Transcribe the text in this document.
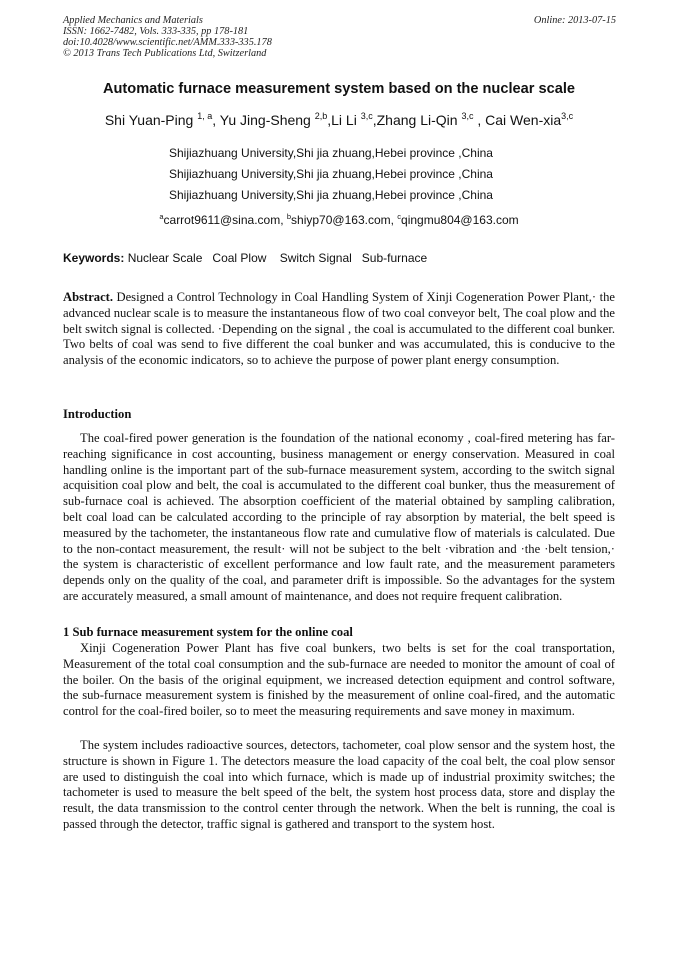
Applied Mechanics and Materials
ISSN: 1662-7482, Vols. 333-335, pp 178-181
doi:10.4028/www.scientific.net/AMM.333-335.178
© 2013 Trans Tech Publications Ltd, Switzerland
Online: 2013-07-15
Automatic furnace measurement system based on the nuclear scale
Shi Yuan-Ping $^{1, a}$, Yu Jing-Sheng $^{2,b}$,Li Li $^{3,c}$,Zhang Li-Qin $^{3,c}$ , Cai Wen-xia$^{3,c}$
Shijiazhuang University,Shi jia zhuang,Hebei province ,China
Shijiazhuang University,Shi jia zhuang,Hebei province ,China
Shijiazhuang University,Shi jia zhuang,Hebei province ,China
$^a$carrot9611@sina.com, $^b$shiyp70@163.com, $^c$qingmu804@163.com
Keywords: Nuclear Scale   Coal Plow    Switch Signal   Sub-furnace

Abstract. Designed a Control Technology in Coal Handling System of Xinji Cogeneration Power Plant,· the advanced nuclear scale is to measure the instantaneous flow of two coal conveyor belt, The coal plow and the belt switch signal is collected. ·Depending on the signal , the coal is accumulated to the different coal bunker. Two belts of coal was send to five different the coal bunker and was accumulated, this is conducive to the analysis of the economic indicators, so to achieve the purpose of power plant energy consumption.

Introduction

The coal-fired power generation is the foundation of the national economy , coal-fired metering has far-reaching significance in cost accounting, business management or energy conservation. Measured in coal handling online is the important part of the sub-furnace measurement system, according to the switch signal acquisition coal plow and belt, the coal is accumulated to the different coal bunker, thus the measurement of sub-furnace coal is achieved. The absorption coefficient of the material obtained by sampling calibration, belt coal load can be calculated according to the principle of ray absorption by material, the belt speed is measured by the tachometer, the instantaneous flow rate and cumulative flow of materials is calculated. Due to the non-contact measurement, the result· will not be subject to the belt ·vibration and ·the ·belt tension,· the system is characteristic of excellent performance and low fault rate, and the measurement parameters depends only on the quality of the coal, and parameter drift is impossible. So the advantages for the system are accurately measured, a small amount of maintenance, and does not require frequent calibration.

1 Sub furnace measurement system for the online coal

Xinji Cogeneration Power Plant has five coal bunkers, two belts is set for the coal transportation, Measurement of the total coal consumption and the sub-furnace are needed to monitor the amount of coal of the boiler. On the basis of the original equipment, we increased detection equipment and control software, the sub-furnace measurement system is finished by the measurement of online coal-fired, and the automatic control for the coal-fired boiler, so to meet the measuring requirements and save money in maximum.

The system includes radioactive sources, detectors, tachometer, coal plow sensor and the system host, the structure is shown in Figure 1. The detectors measure the load capacity of the coal belt, the coal plow sensor are used to distinguish the coal into which furnace, which is made up of industrial proximity switches; the tachometer is used to measure the belt speed of the belt, the system host process data, store and display the result, the data transmission to the control center through the network. When the belt is running, the coal is passed through the detector, traffic signal is gathered and transport to the system host.
